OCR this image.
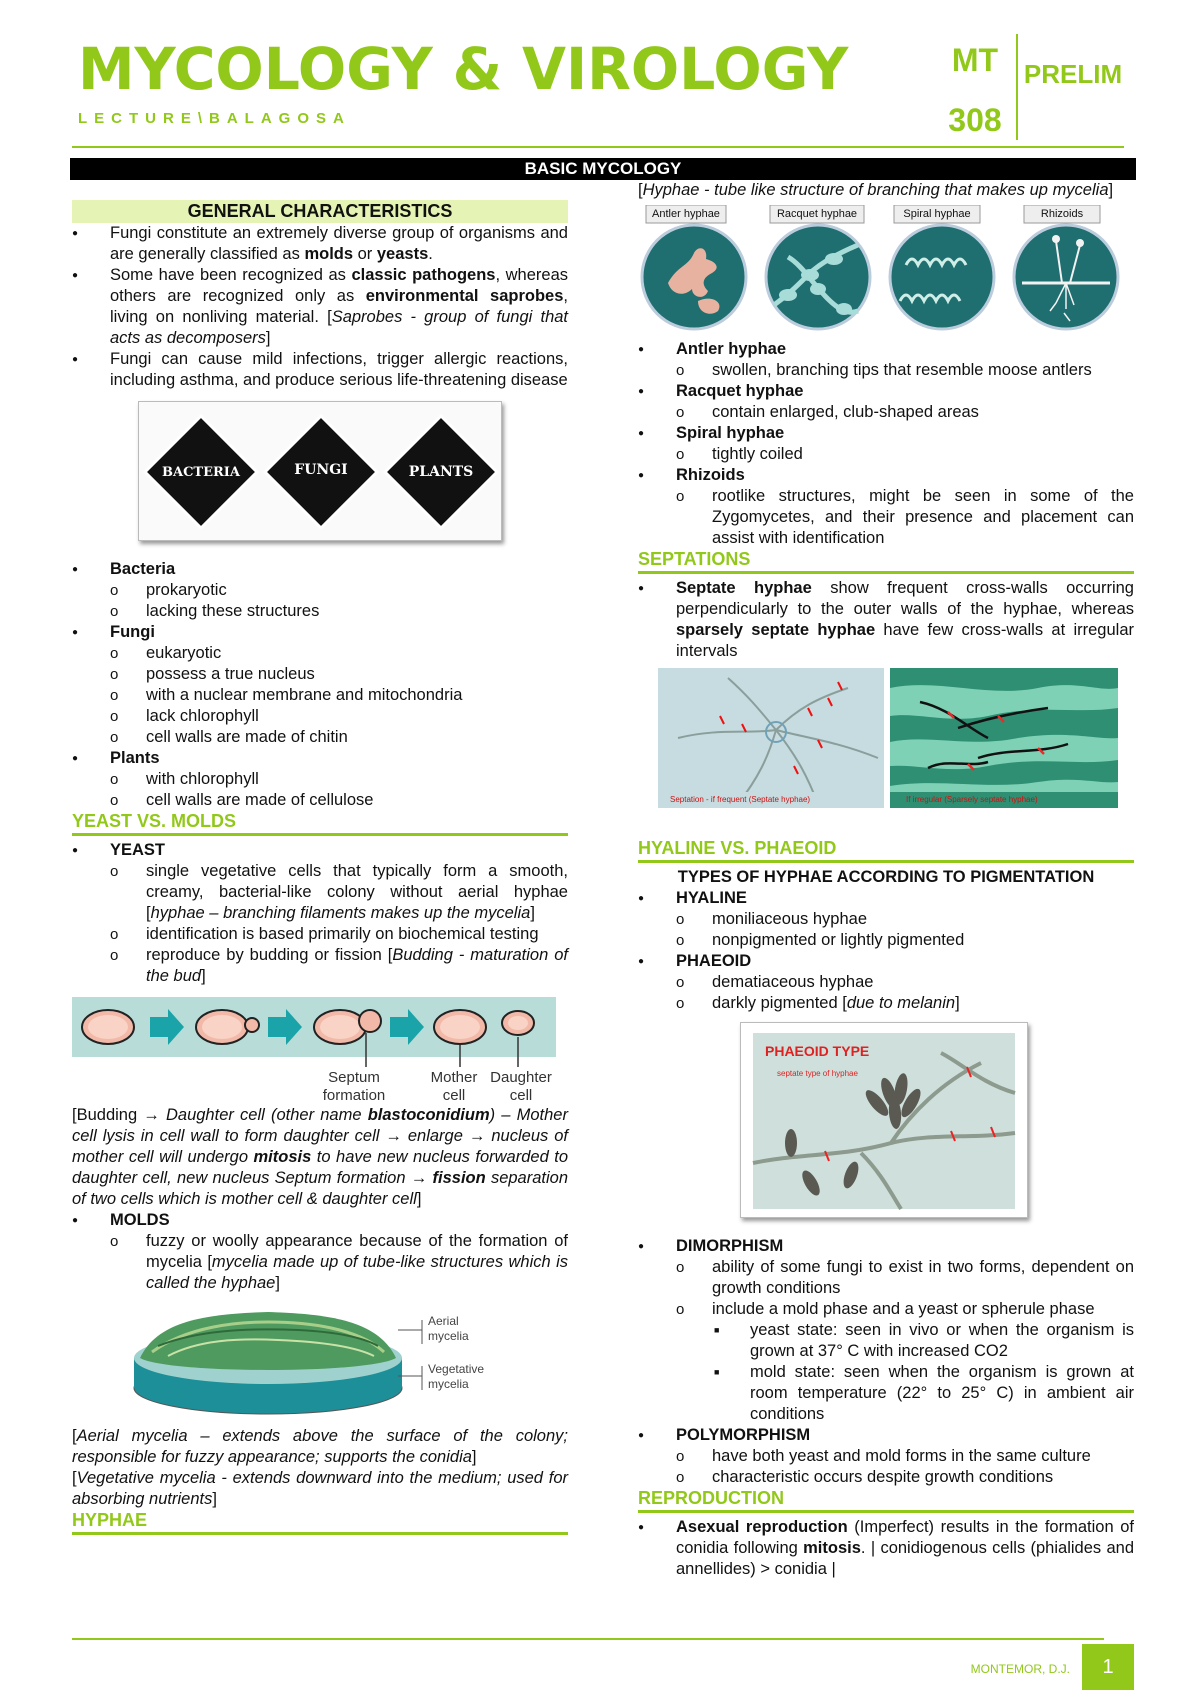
MYCOLOGY & VIROLOGY
LECTURE\BALAGOSA
MT
308
PRELIM
BASIC MYCOLOGY
GENERAL CHARACTERISTICS
● Fungi constitute an extremely diverse group of organisms and are generally classified as molds or yeasts.
● Some have been recognized as classic pathogens, whereas others are recognized only as environmental saprobes, living on nonliving material. [Saprobes - group of fungi that acts as decomposers]
● Fungi can cause mild infections, trigger allergic reactions, including asthma, and produce serious life-threatening disease
BACTERIA	FUNGI	PLANTS
● Bacteria
o prokaryotic
o lacking these structures
● Fungi
o eukaryotic
o possess a true nucleus
o with a nuclear membrane and mitochondria
o lack chlorophyll
o cell walls are made of chitin
● Plants
o with chlorophyll
o cell walls are made of cellulose
YEAST VS. MOLDS
● YEAST
o single vegetative cells that typically form a smooth, creamy, bacterial-like colony without aerial hyphae [hyphae – branching filaments makes up the mycelia]
o identification is based primarily on biochemical testing
o reproduce by budding or fission [Budding - maturation of the bud]
Septum formation
Mother cell
Daughter cell

[Budding → Daughter cell (other name blastoconidium) – Mother cell lysis in cell wall to form daughter cell → enlarge → nucleus of mother cell will undergo mitosis to have new nucleus forwarded to daughter cell, new nucleus Septum formation → fission separation of two cells which is mother cell & daughter cell]

● MOLDS
o fuzzy or woolly appearance because of the formation of mycelia [mycelia made up of tube-like structures which is called the hyphae]
Aerial mycelia
Vegetative mycelia

[Aerial mycelia – extends above the surface of the colony; responsible for fuzzy appearance; supports the conidia]

[Vegetative mycelia - extends downward into the medium; used for absorbing nutrients]

HYPHAE

[Hyphae - tube like structure of branching that makes up mycelia]

Antler hyphae	Racquet hyphae	Spiral hyphae	Rhizoids
● Antler hyphae
o swollen, branching tips that resemble moose antlers
● Racquet hyphae
o contain enlarged, club-shaped areas
● Spiral hyphae
o tightly coiled
● Rhizoids
o rootlike structures, might be seen in some of the Zygomycetes, and their presence and placement can assist with identification
SEPTATIONS
● Septate hyphae show frequent cross-walls occurring perpendicularly to the outer walls of the hyphae, whereas sparsely septate hyphae have few cross-walls at irregular intervals
Septation - if frequent (Septate hyphae)	If irregular (Sparsely septate hyphae)
HYALINE VS. PHAEOID
TYPES OF HYPHAE ACCORDING TO PIGMENTATION
● HYALINE
o moniliaceous hyphae
o nonpigmented or lightly pigmented
● PHAEOID
o dematiaceous hyphae
o darkly pigmented [due to melanin]
PHAEOID TYPE
septate type of hyphae
● DIMORPHISM
o ability of some fungi to exist in two forms, dependent on growth conditions
o include a mold phase and a yeast or spherule phase
■ yeast state: seen in vivo or when the organism is grown at 37° C with increased CO2
■ mold state: seen when the organism is grown at room temperature (22° to 25° C) in ambient air conditions
● POLYMORPHISM
o have both yeast and mold forms in the same culture
o characteristic occurs despite growth conditions
REPRODUCTION
● Asexual reproduction (Imperfect) results in the formation of conidia following mitosis. | conidiogenous cells (phialides and annellides) > conidia |
MONTEMOR, D.J.	1
